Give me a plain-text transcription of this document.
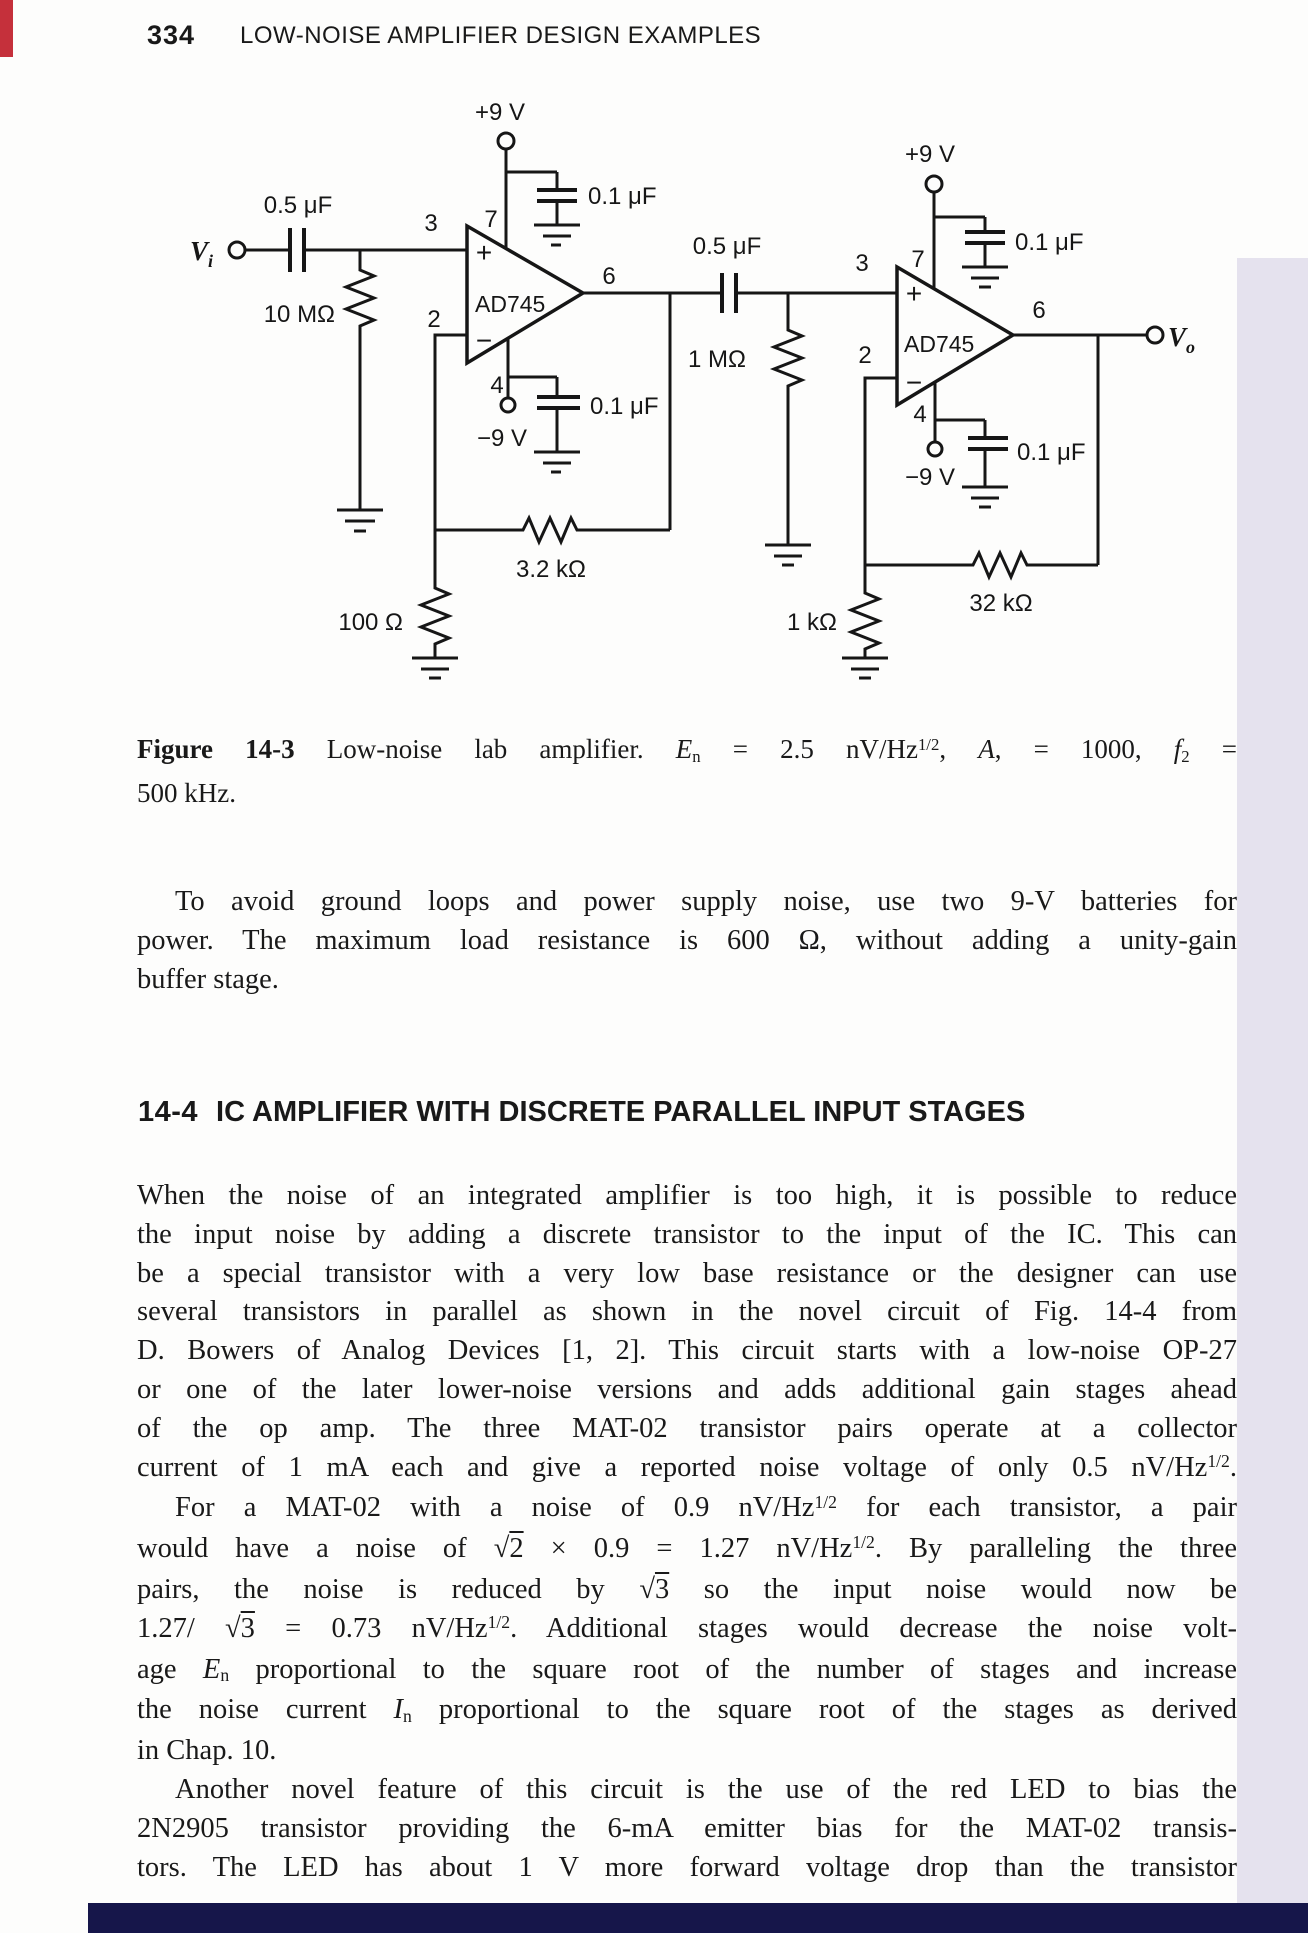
334 LOW-NOISE AMPLIFIER DESIGN EXAMPLES
+9 V
0.1 μF
0.5 μF
$V_i$
3 7
10 MΩ	2
+
−
AD745
4
−9 V
0.1 μF
6
0.5 μF
1 MΩ
3.2 kΩ
100 Ω
+9 V
3 7
0.1 μF
+
−
AD745
2
4
6
−9 V
0.1 μF
1 kΩ
32 kΩ
$V_o$
Figure 14-3 Low-noise lab amplifier. En = 2.5 $nV/Hz^{1/2}$, A, = 1000, f2 =
500 kHz.
14-4 IC AMPLIFIER WITH DISCRETE PARALLEL INPUT STAGES
To avoid ground loops and power supply noise, use two 9-V batteries for
power. The maximum load resistance is 600 Ω, without adding a unity-gain
buffer stage.
When the noise of an integrated amplifier is too high, it is possible to reduce
the input noise by adding a discrete transistor to the input of the IC. This can
be a special transistor with a very low base resistance or the designer can use
several transistors in parallel as shown in the novel circuit of Fig. 14-4 from
D. Bowers of Analog Devices [1, 2]. This circuit starts with a low-noise OP-27
or one of the later lower-noise versions and adds additional gain stages ahead
of the op amp. The three MAT-02 transistor pairs operate at a collector
current of 1 mA each and give a reported noise voltage of only 0.5 $nV/Hz^{1/2}$.
For a MAT-02 with a noise of 0.9 $nV/Hz^{1/2}$ for each transistor, a pair
would have a noise of √2 × 0.9 = 1.27 $nV/Hz^{1/2}$. By paralleling the three
pairs, the noise is reduced by √3 so the input noise would now be
1.27/ √3 = 0.73 $nV/Hz^{1/2}$. Additional stages would decrease the noise volt-
age En proportional to the square root of the number of stages and increase
the noise current In proportional to the square root of the stages as derived
in Chap. 10.
Another novel feature of this circuit is the use of the red LED to bias the
2N2905 transistor providing the 6-mA emitter bias for the MAT-02 transis-
tors. The LED has about 1 V more forward voltage drop than the transistor
